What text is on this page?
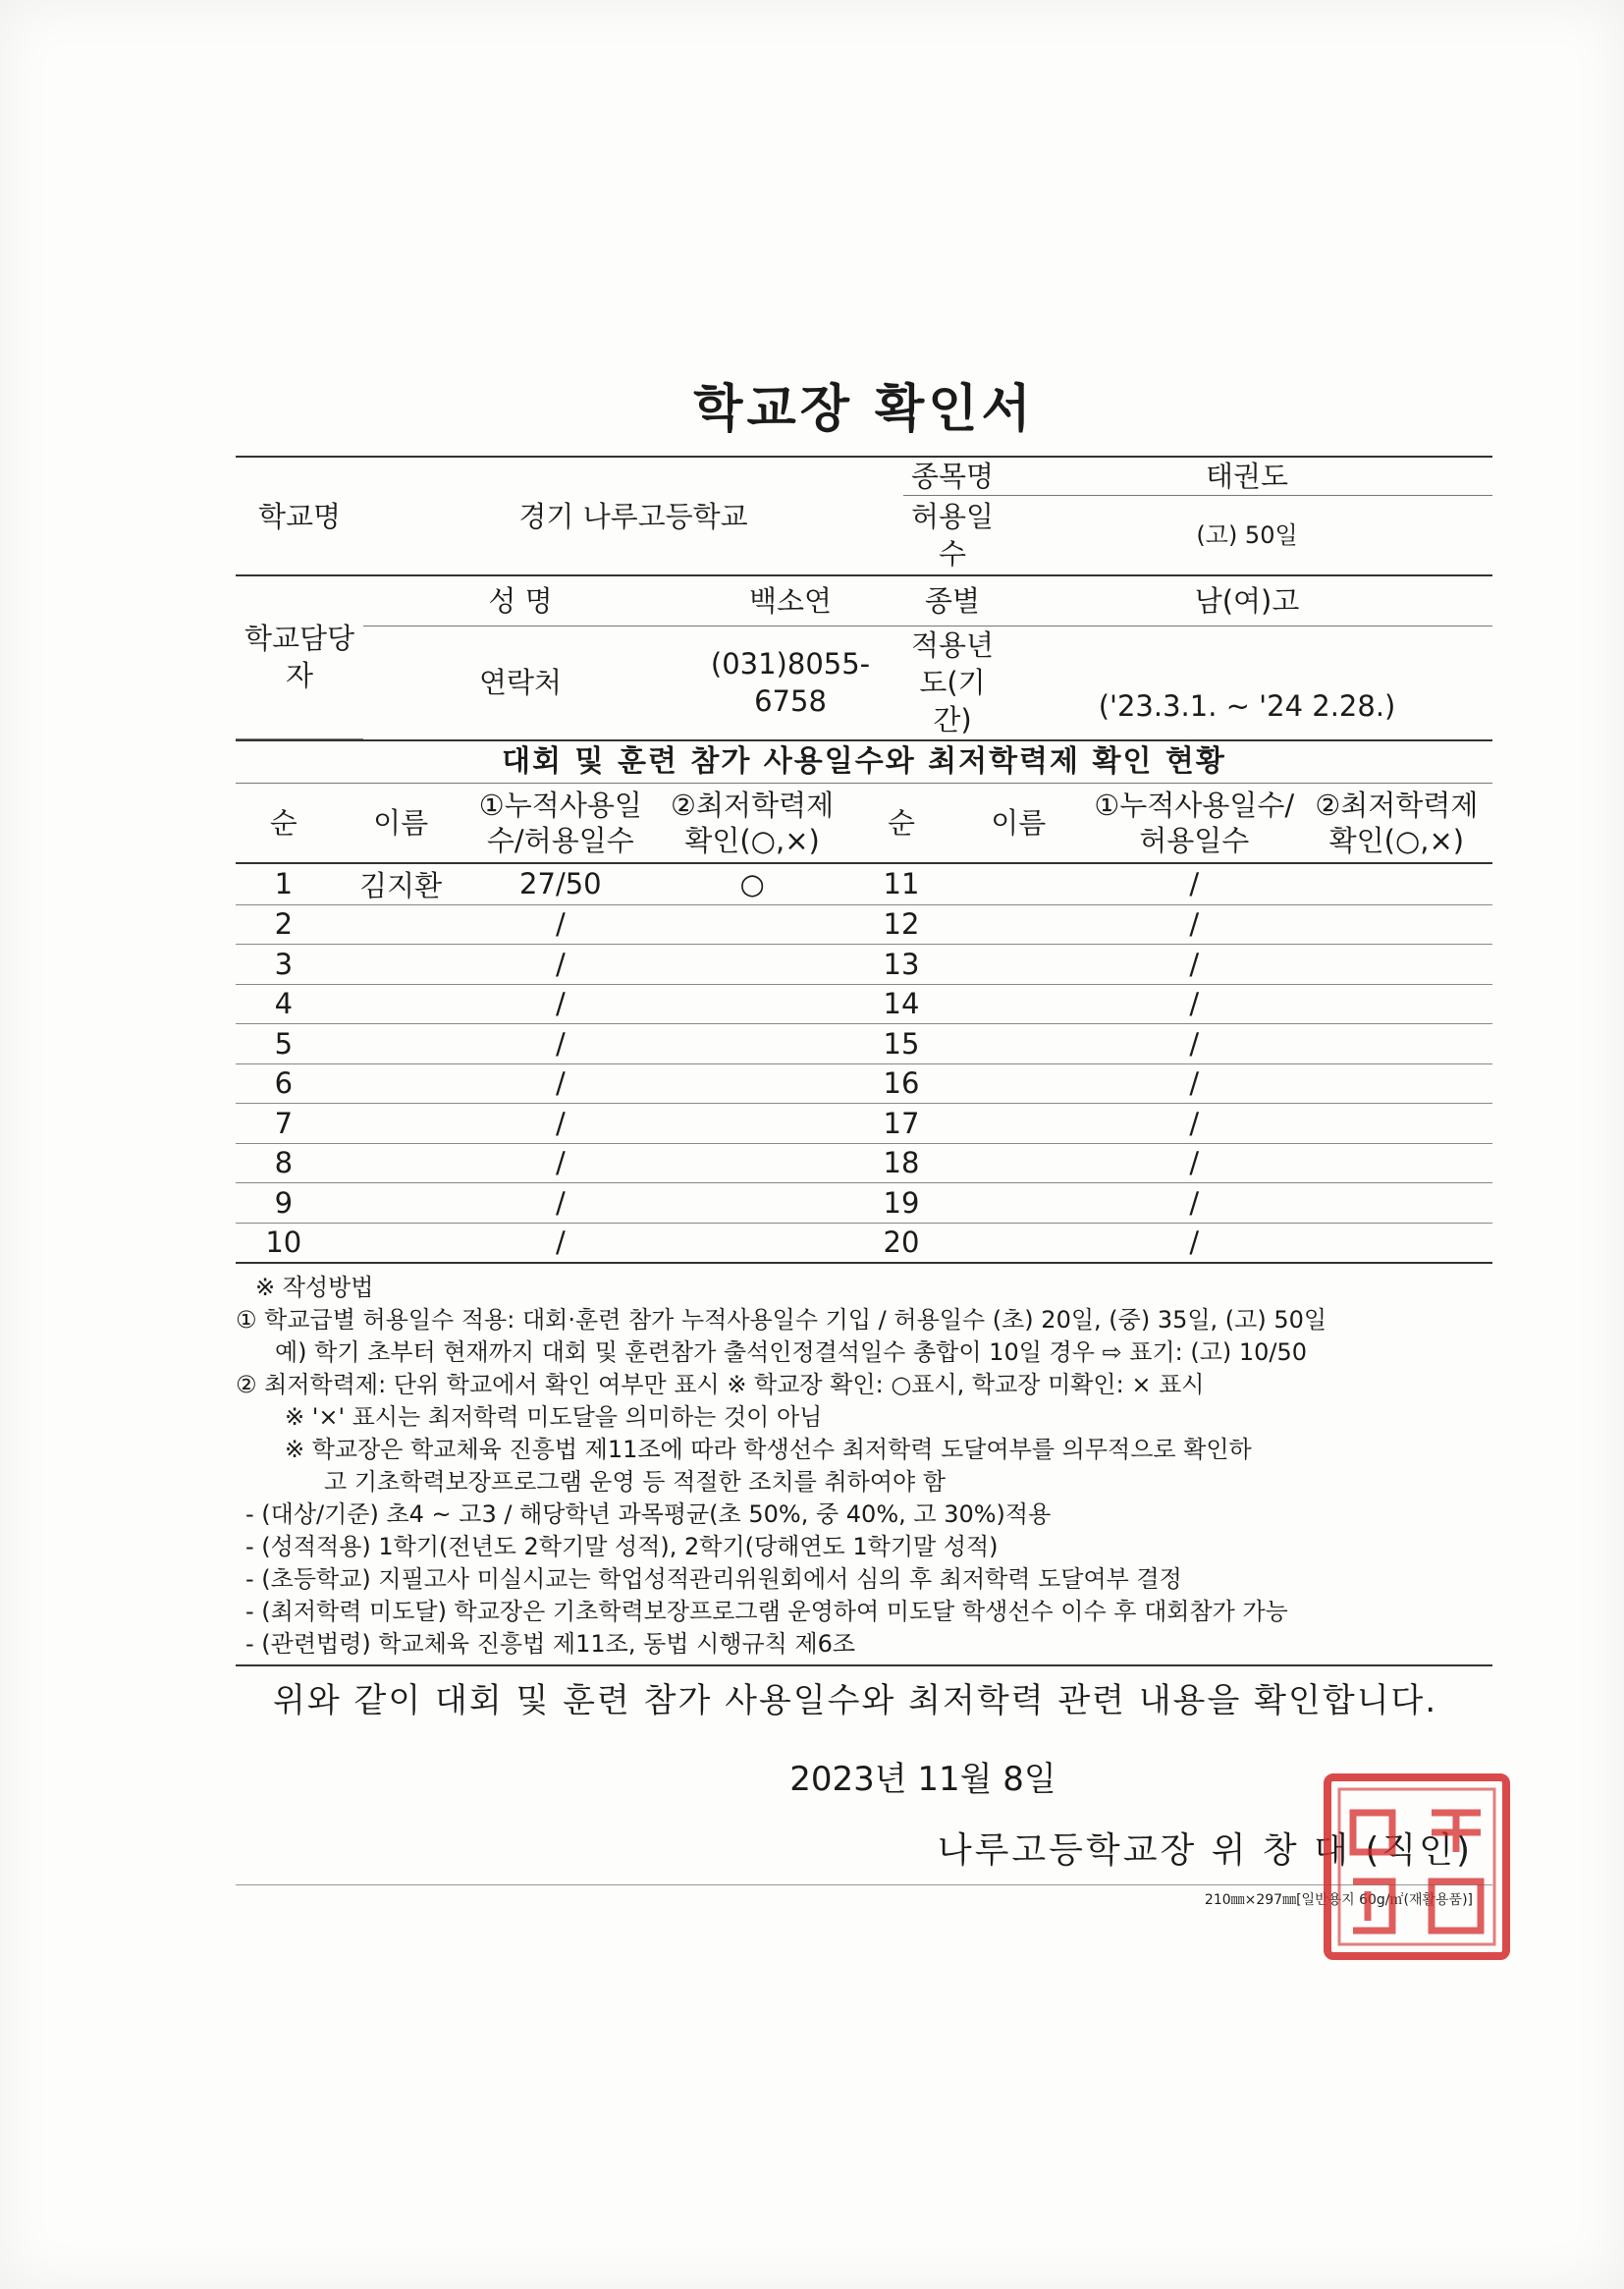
학교장 확인서
학교명	경기 나루고등학교		종목명	태권도
			허용일수	(고) 50일
학교담당자	성 명	백소연	종별	남(여)고
	연락처	(031)8055-6758	적용년도(기간)	('23.3.1. ~ '24 2.28.)
대회 및 훈련 참가 사용일수와 최저학력제 확인 현황
순	이름	①누적사용일수/허용일수	②최저학력제 확인(○,×)	순	이름	①누적사용일수/허용일수	②최저학력제 확인(○,×)
1	김지환	27/50	○	11		/	
2		/		12		/	
3		/		13		/	
4		/		14		/	
5		/		15		/	
6		/		16		/	
7		/		17		/	
8		/		18		/	
9		/		19		/	
10		/		20		/	
※ 작성방법
① 학교급별 허용일수 적용: 대회·훈련 참가 누적사용일수 기입 / 허용일수 (초) 20일, (중) 35일, (고) 50일
예) 학기 초부터 현재까지 대회 및 훈련참가 출석인정결석일수 총합이 10일 경우 ⇨ 표기: (고) 10/50
② 최저학력제: 단위 학교에서 확인 여부만 표시 ※ 학교장 확인: ○표시, 학교장 미확인: × 표시
※ '×' 표시는 최저학력 미도달을 의미하는 것이 아님
※ 학교장은 학교체육 진흥법 제11조에 따라 학생선수 최저학력 도달여부를 의무적으로 확인하
고 기초학력보장프로그램 운영 등 적절한 조치를 취하여야 함
- (대상/기준) 초4 ~ 고3 / 해당학년 과목평균(초 50%, 중 40%, 고 30%)적용
- (성적적용) 1학기(전년도 2학기말 성적), 2학기(당해연도 1학기말 성적)
- (초등학교) 지필고사 미실시교는 학업성적관리위원회에서 심의 후 최저학력 도달여부 결정
- (최저학력 미도달) 학교장은 기초학력보장프로그램 운영하여 미도달 학생선수 이수 후 대회참가 가능
- (관련법령) 학교체육 진흥법 제11조, 동법 시행규칙 제6조
위와 같이 대회 및 훈련 참가 사용일수와 최저학력 관련 내용을 확인합니다.
2023년 11월 8일
나루고등학교장 위 창 대 (직인)
210㎜×297㎜[일반용지 60g/㎡(재활용품)]
